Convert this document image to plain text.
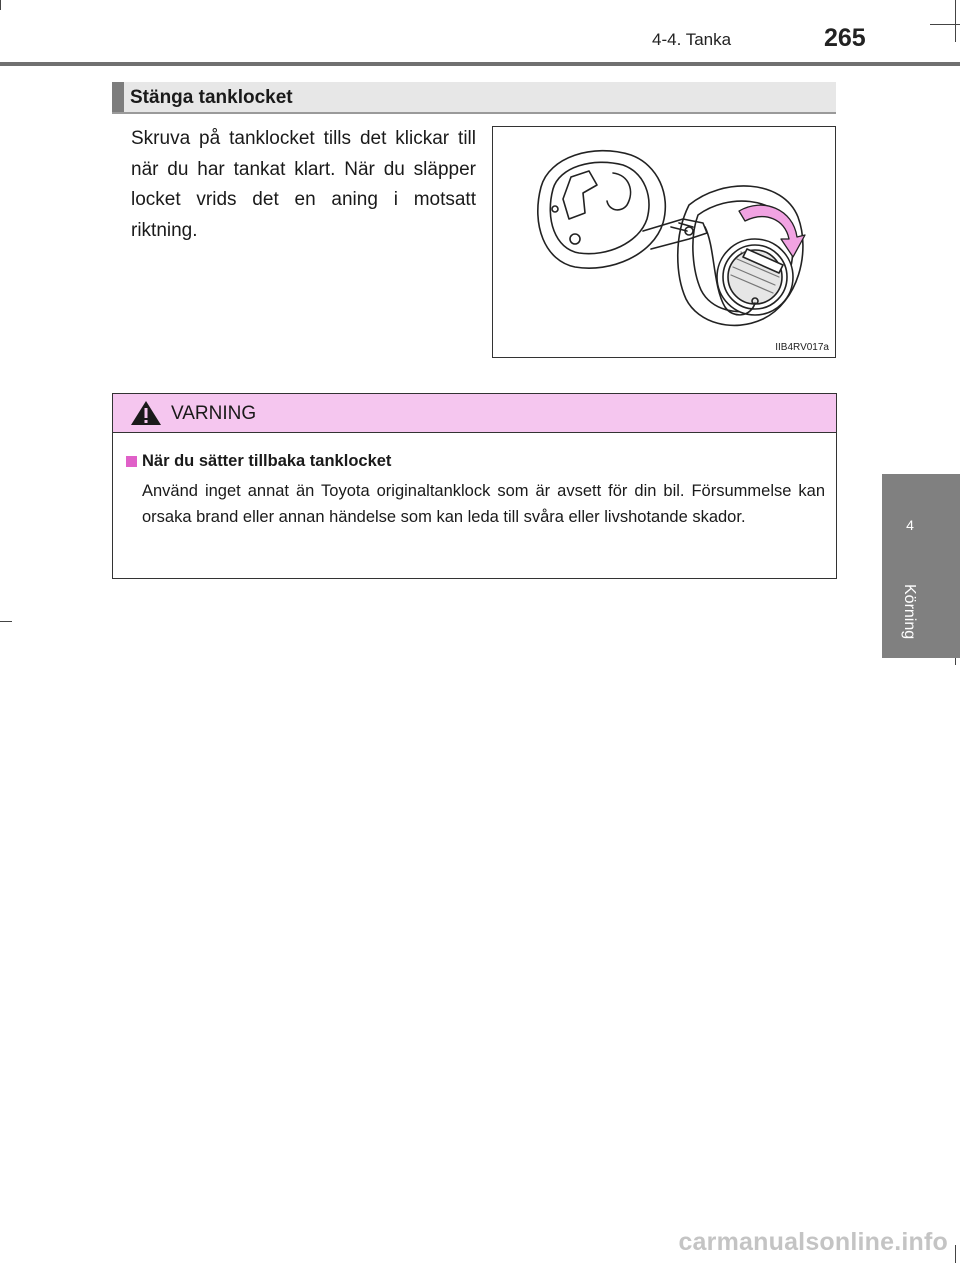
4-4. Tanka	265
4
Körning
Stänga tanklocket
Skruva på tanklocket tills det klickar till när du har tankat klart. När du släpper locket vrids det en aning i motsatt riktning.
IIB4RV017a
VARNING
När du sätter tillbaka tanklocket
Använd inget annat än Toyota originaltanklock som är avsett för din bil. Försummelse kan orsaka brand eller annan händelse som kan leda till svåra eller livshotande skador.
carmanualsonline.info
